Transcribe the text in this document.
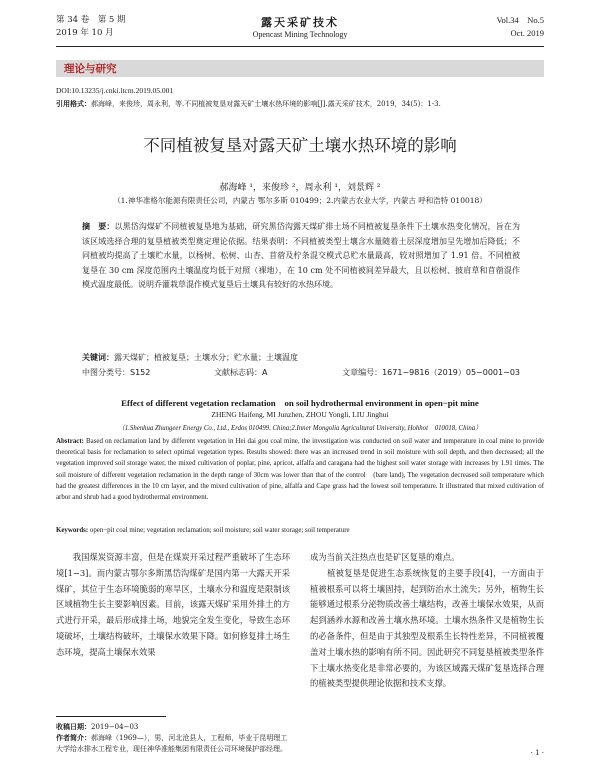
第 34 卷　第 5 期
2019 年 10 月
露天采矿技术
Opencast Mining Technology
Vol.34　No.5
Oct. 2019
理论与研究
DOI:10.13235/j.cnki.ltcm.2019.05.001
引用格式：郝海峰，来俊珍，周永利，等.不同植被复垦对露天矿土壤水热环境的影响[J].露天采矿技术，2019，34(5)：1-3.
不同植被复垦对露天矿土壤水热环境的影响
郝海峰 ¹，来俊珍 ²，周永利 ¹，刘景辉 ²
（1.神华准格尔能源有限责任公司，内蒙古 鄂尔多斯 010499；2.内蒙古农业大学，内蒙古 呼和浩特 010018）
摘　要：以黑岱沟煤矿不同植被复垦地为基础，研究黑岱沟露天煤矿排土场不同植被复垦条件下土壤水热变化情况，旨在为该区域选择合理的复垦植被类型奠定理论依据。结果表明：不同植被类型土壤含水量随着土层深度增加呈先增加后降低；不同植被均提高了土壤贮水量，以杨树、松树、山杏、苜蓿及柠条混交模式总贮水量最高，较对照增加了 1.91 倍。不同植被复垦在 30 cm 深度范围内土壤温度均低于对照（裸地），在 10 cm 处不同植被间差异最大，且以松树、披肩草和苜蓿混作模式温度最低。说明乔灌栽草混作模式复垦后土壤具有较好的水热环境。
关键词：露天煤矿；植被复垦；土壤水分；贮水量；土壤温度
中图分类号：S152	文献标志码：A	文章编号：1671−9816（2019）05−0001−03
Effect of different vegetation reclamation　on soil hydrothermal environment in open−pit mine
ZHENG Haifeng, MI Junzhen, ZHOU Yongli, LIU Jinghui
（1.Shenhua Zhungeer Energy Co., Ltd., Erdos 010499, China;2.Inner Mongolia Agricultural University, Hohhot　010018, China）
Abstract: Based on reclamation land by different vegetation in Hei dai gou coal mine, the investigation was conducted on soil water and temperature in coal mine to provide theoretical basis for reclamation to select optimal vegetation types. Results showed: there was an increased trend in soil moisture with soil depth, and then decreased; all the vegetation improved soil storage water, the mixed cultivation of poplar, pine, apricot, alfalfa and caragana had the highest soil water storage with increases by 1.91 times. The soil moisture of different vegetation reclamation in the depth range of 30cm was lower than that of the control　(bare land), The vegetation decreased soil temperature which had the greatest differences in the 10 cm layer, and the mixed cultivation of pine, alfalfa and Cape grass had the lowest soil temperature. It illustrated that mixed cultivation of arbor and shrub had a good hydrothermal environment.
Keywords: open−pit coal mine; vegetation reclamation; soil moisture; soil water storage; soil temperature
　　我国煤炭资源丰富，但是在煤炭开采过程严重破坏了生态环境[1−3]。而内蒙古鄂尔多斯黑岱沟煤矿是国内第一大露天开采煤矿，其位于生态环境脆弱的寒旱区，土壤水分和温度是限制该区域植物生长主要影响因素。目前，该露天煤矿采用外排土的方式进行开采，最后形成排土场，地貌完全发生变化，导致生态环境破坏，土壤结构破坏，土壤保水效果下降。如何修复排土场生态环境，提高土壤保水效果
成为当前关注热点也是矿区复垦的难点。
　　植被复垦是促进生态系统恢复的主要手段[4]，一方面由于植被根系可以将土壤固持，起到防治水土流失；另外，植物生长能够通过根系分泌物质改善土壤结构，改善土壤保水效果，从而起到涵养水源和改善土壤水热环境。土壤水热条件又是植物生长的必备条件，但是由于其独型及根系生长特性差异，不同植被覆盖对土壤水热的影响有所不同。因此研究不同复垦植被类型条件下土壤水热变化是非常必要的，为该区域露天煤矿复垦选择合理的植被类型提供理论依据和技术支撑。
收稿日期：2019−04−03
作者简介：郝海峰（1969—），男，河北沧县人，工程师，毕业于昆明理工大学给水排水工程专业，现任神华准能集团有限责任公司环境保护部经理。	· 1 ·
